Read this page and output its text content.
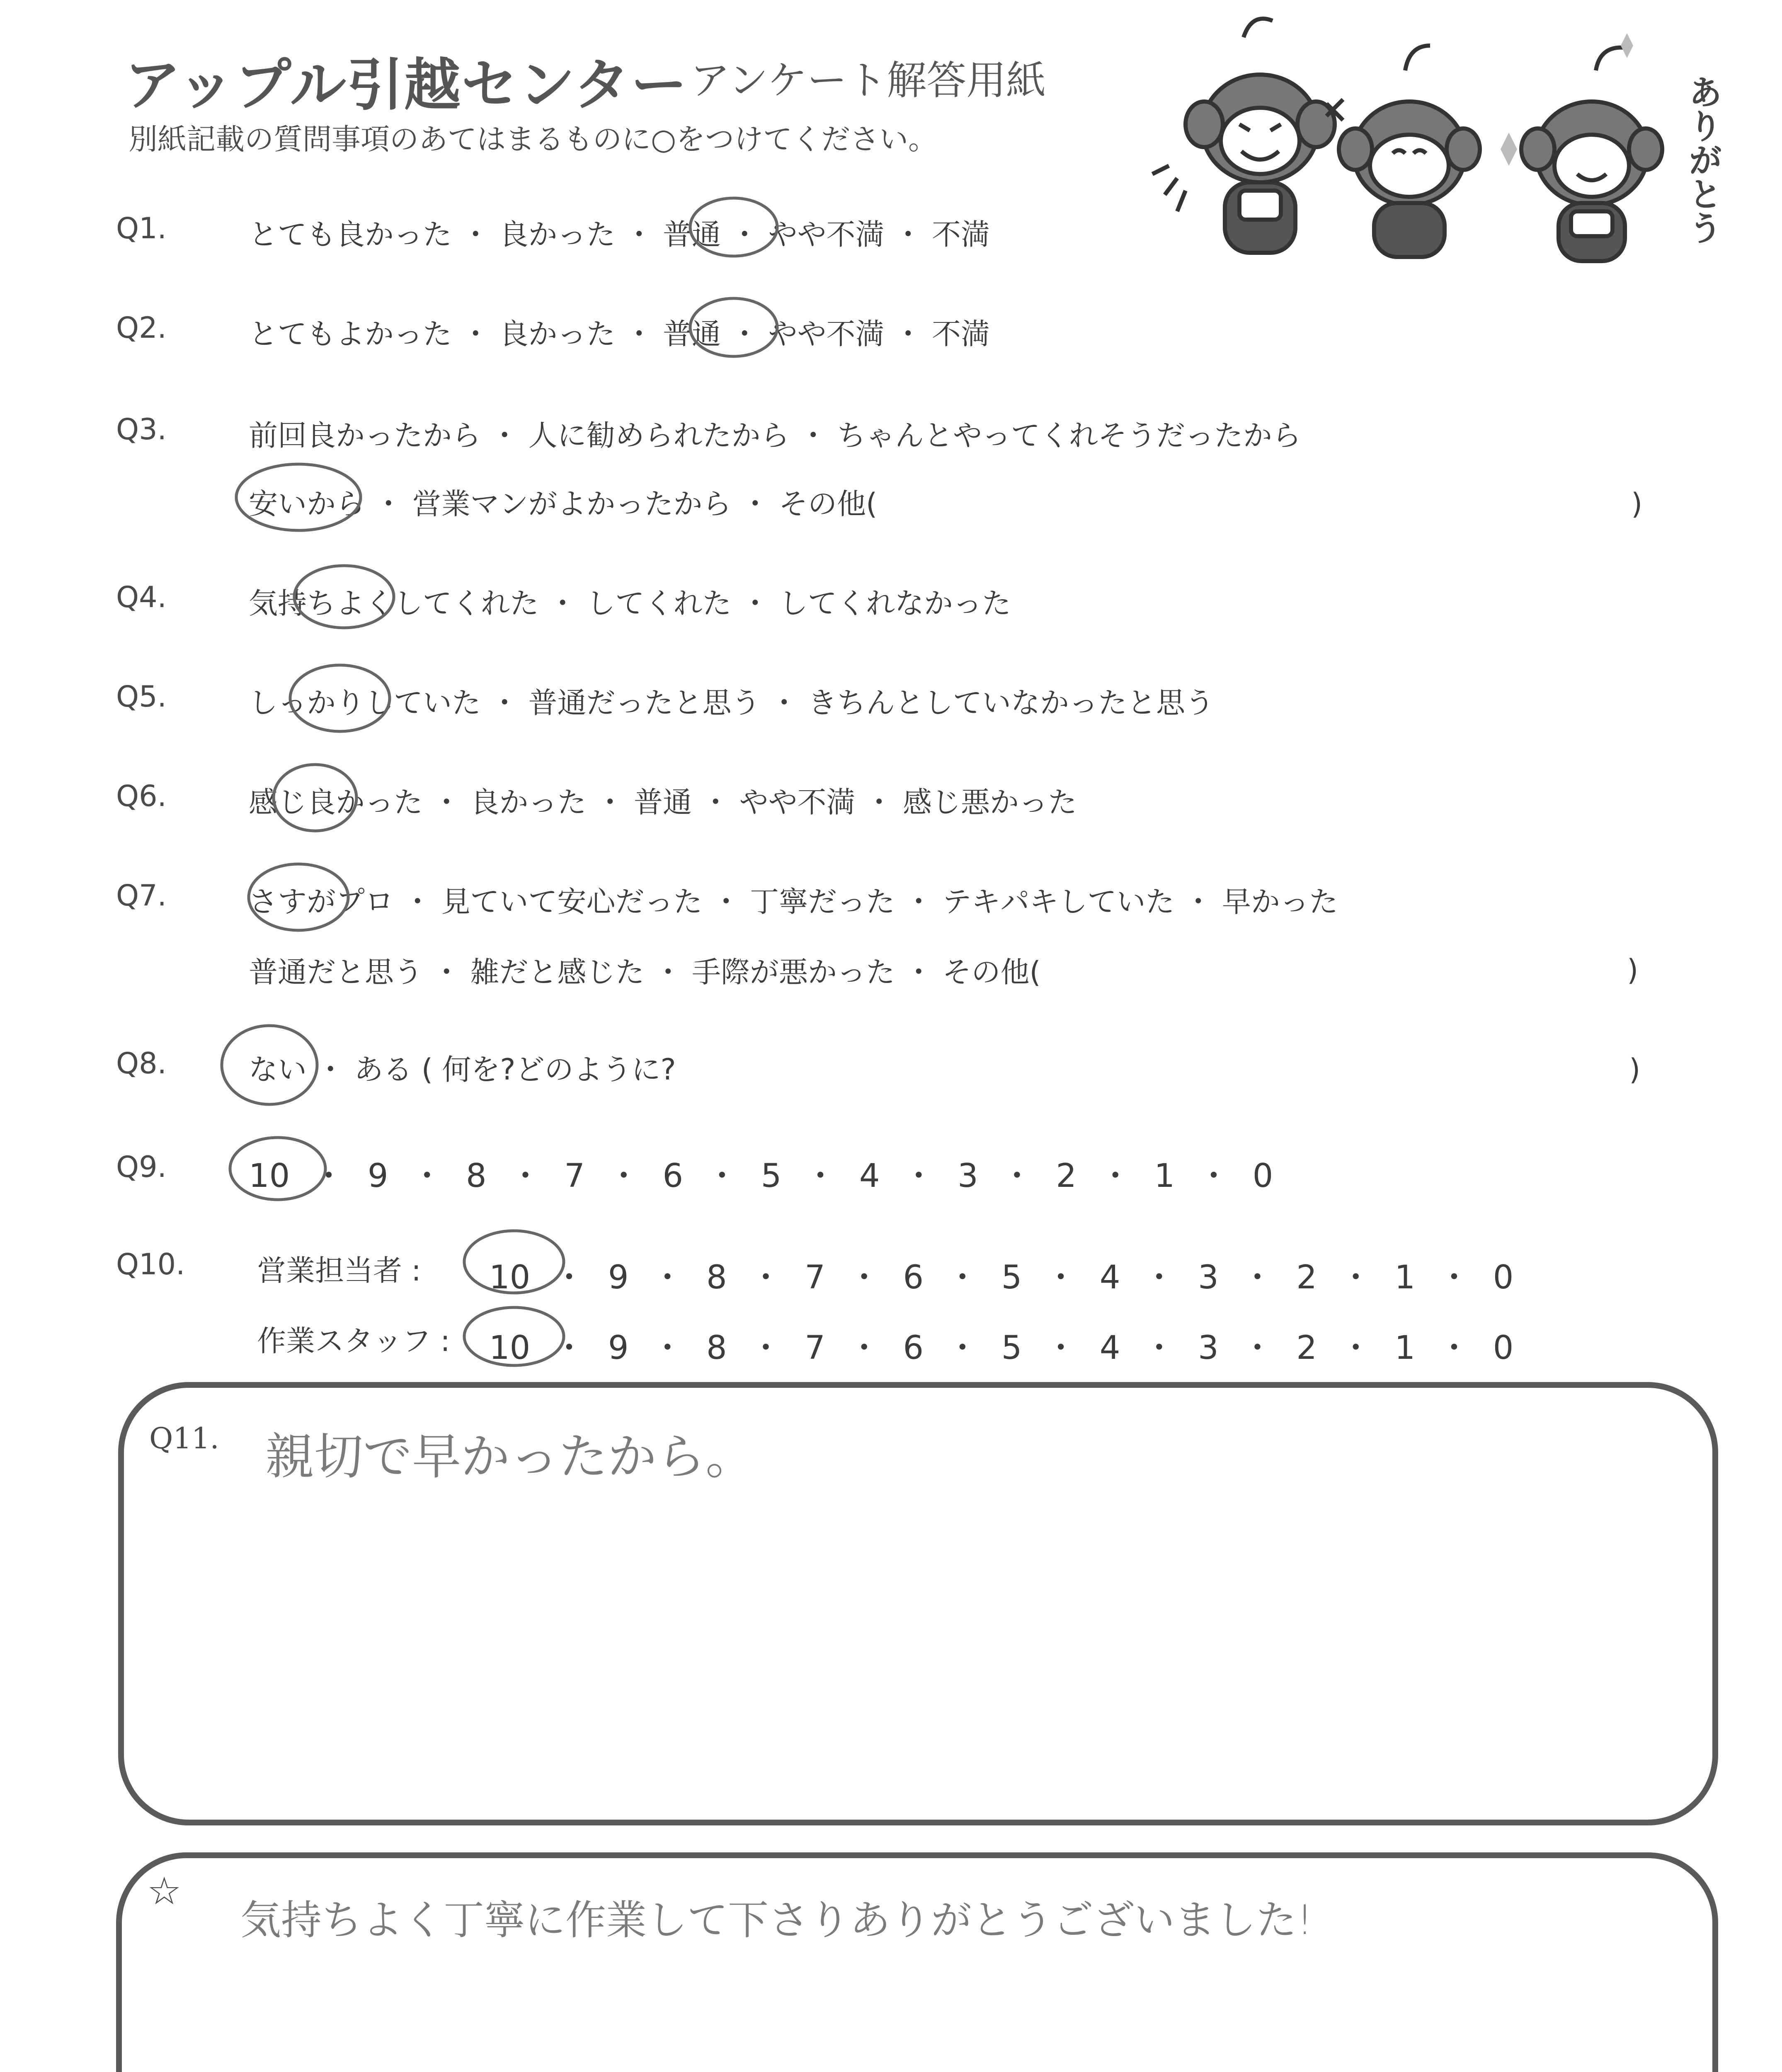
アップル引越センター アンケート解答用紙
別紙記載の質問事項のあてはまるものに○をつけてください。	ありがとう
Q1.	とても良かった ・ 良かった ・ 普通 ・ やや不満 ・ 不満
Q2.	とてもよかった ・ 良かった ・ 普通 ・ やや不満 ・ 不満
Q3.	前回良かったから ・ 人に勧められたから ・ ちゃんとやってくれそうだったから
安いから ・ 営業マンがよかったから ・ その他(	)
Q4.	気持ちよくしてくれた ・ してくれた ・ してくれなかった
Q5.	しっかりしていた ・ 普通だったと思う ・ きちんとしていなかったと思う
Q6.	感じ良かった ・ 良かった ・ 普通 ・ やや不満 ・ 感じ悪かった
Q7.	さすがプロ ・ 見ていて安心だった ・ 丁寧だった ・ テキパキしていた ・ 早かった
普通だと思う ・ 雑だと感じた ・ 手際が悪かった ・ その他(	)
Q8.	ない ・ ある ( 何を?どのように?	)
Q9.	10 ・ 9 ・ 8 ・ 7 ・ 6 ・ 5 ・ 4 ・ 3 ・ 2 ・ 1 ・ 0
Q10. 営業担当者 : 10 ・ 9 ・ 8 ・ 7 ・ 6 ・ 5 ・ 4 ・ 3 ・ 2 ・ 1 ・ 0
作業スタッフ : 10 ・ 9 ・ 8 ・ 7 ・ 6 ・ 5 ・ 4 ・ 3 ・ 2 ・ 1 ・ 0
Q11. 親切で早かったから。
☆
気持ちよく丁寧に作業して下さりありがとうございました!
